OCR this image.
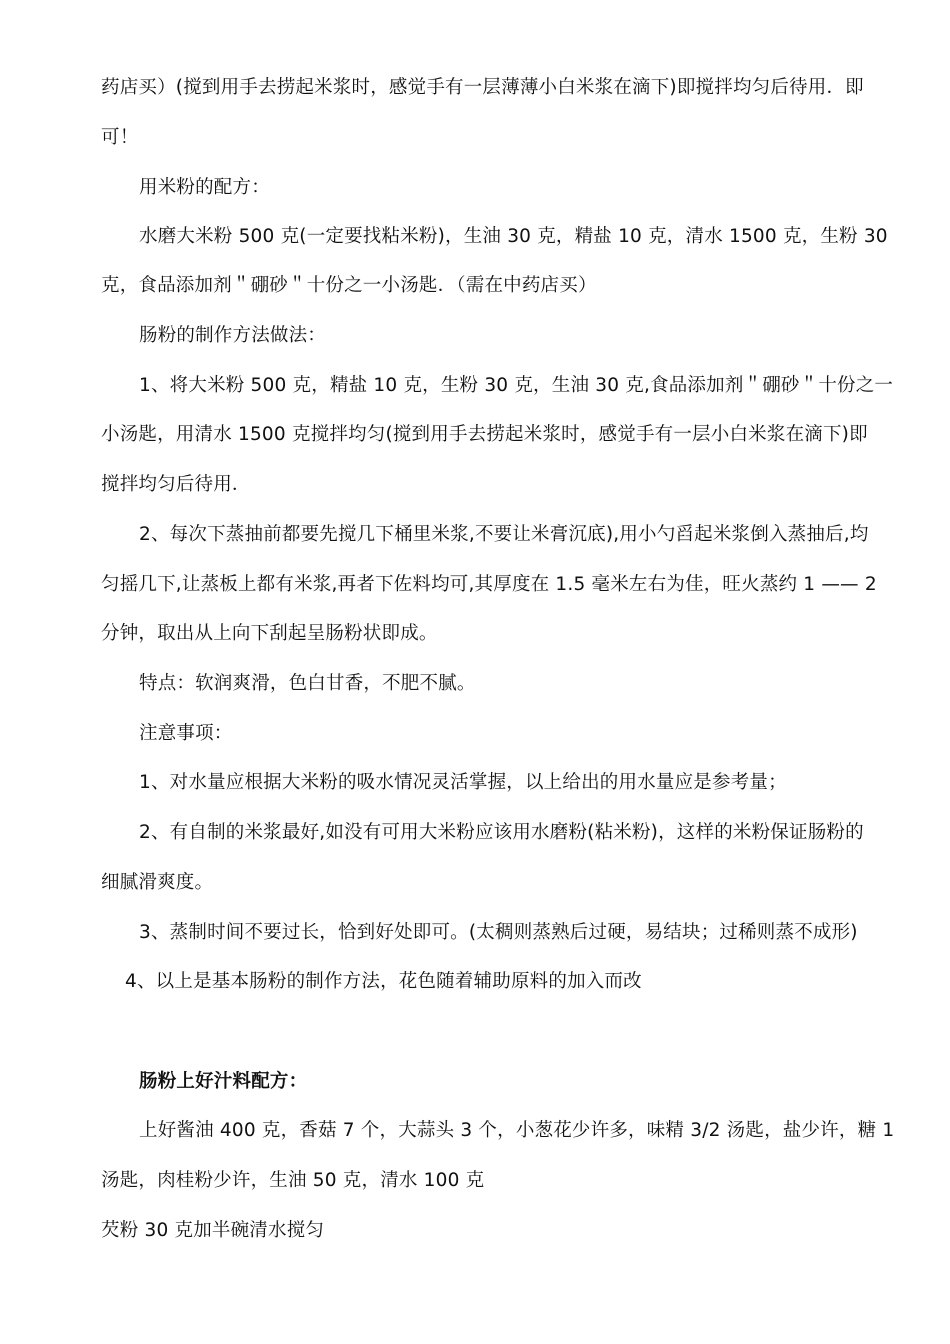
药店买）(搅到用手去捞起米浆时，感觉手有一层薄薄小白米浆在滴下)即搅拌均匀后待用．即
可！
用米粉的配方：
水磨大米粉 500 克(一定要找粘米粉)，生油 30 克，精盐 10 克，清水 1500 克，生粉 30
克，食品添加剂＂硼砂＂十份之一小汤匙．（需在中药店买）
肠粉的制作方法做法：
1、将大米粉 500 克，精盐 10 克，生粉 30 克，生油 30 克,食品添加剂＂硼砂＂十份之一
小汤匙，用清水 1500 克搅拌均匀(搅到用手去捞起米浆时，感觉手有一层小白米浆在滴下)即
搅拌均匀后待用．
2、每次下蒸抽前都要先搅几下桶里米浆,不要让米膏沉底),用小勺舀起米浆倒入蒸抽后,均
匀摇几下,让蒸板上都有米浆,再者下佐料均可,其厚度在 1.5 毫米左右为佳，旺火蒸约 1 —— 2
分钟，取出从上向下刮起呈肠粉状即成。
特点：软润爽滑，色白甘香，不肥不腻。
注意事项：
1、对水量应根据大米粉的吸水情况灵活掌握，以上给出的用水量应是参考量；
2、有自制的米浆最好,如没有可用大米粉应该用水磨粉(粘米粉)，这样的米粉保证肠粉的
细腻滑爽度。
3、蒸制时间不要过长，恰到好处即可。(太稠则蒸熟后过硬，易结块；过稀则蒸不成形)
4、以上是基本肠粉的制作方法，花色随着辅助原料的加入而改
肠粉上好汁料配方：
上好酱油 400 克，香菇 7 个，大蒜头 3 个，小葱花少许多，味精 3/2 汤匙，盐少许，糖 1
汤匙，肉桂粉少许，生油 50 克，清水 100 克
芡粉 30 克加半碗清水搅匀
